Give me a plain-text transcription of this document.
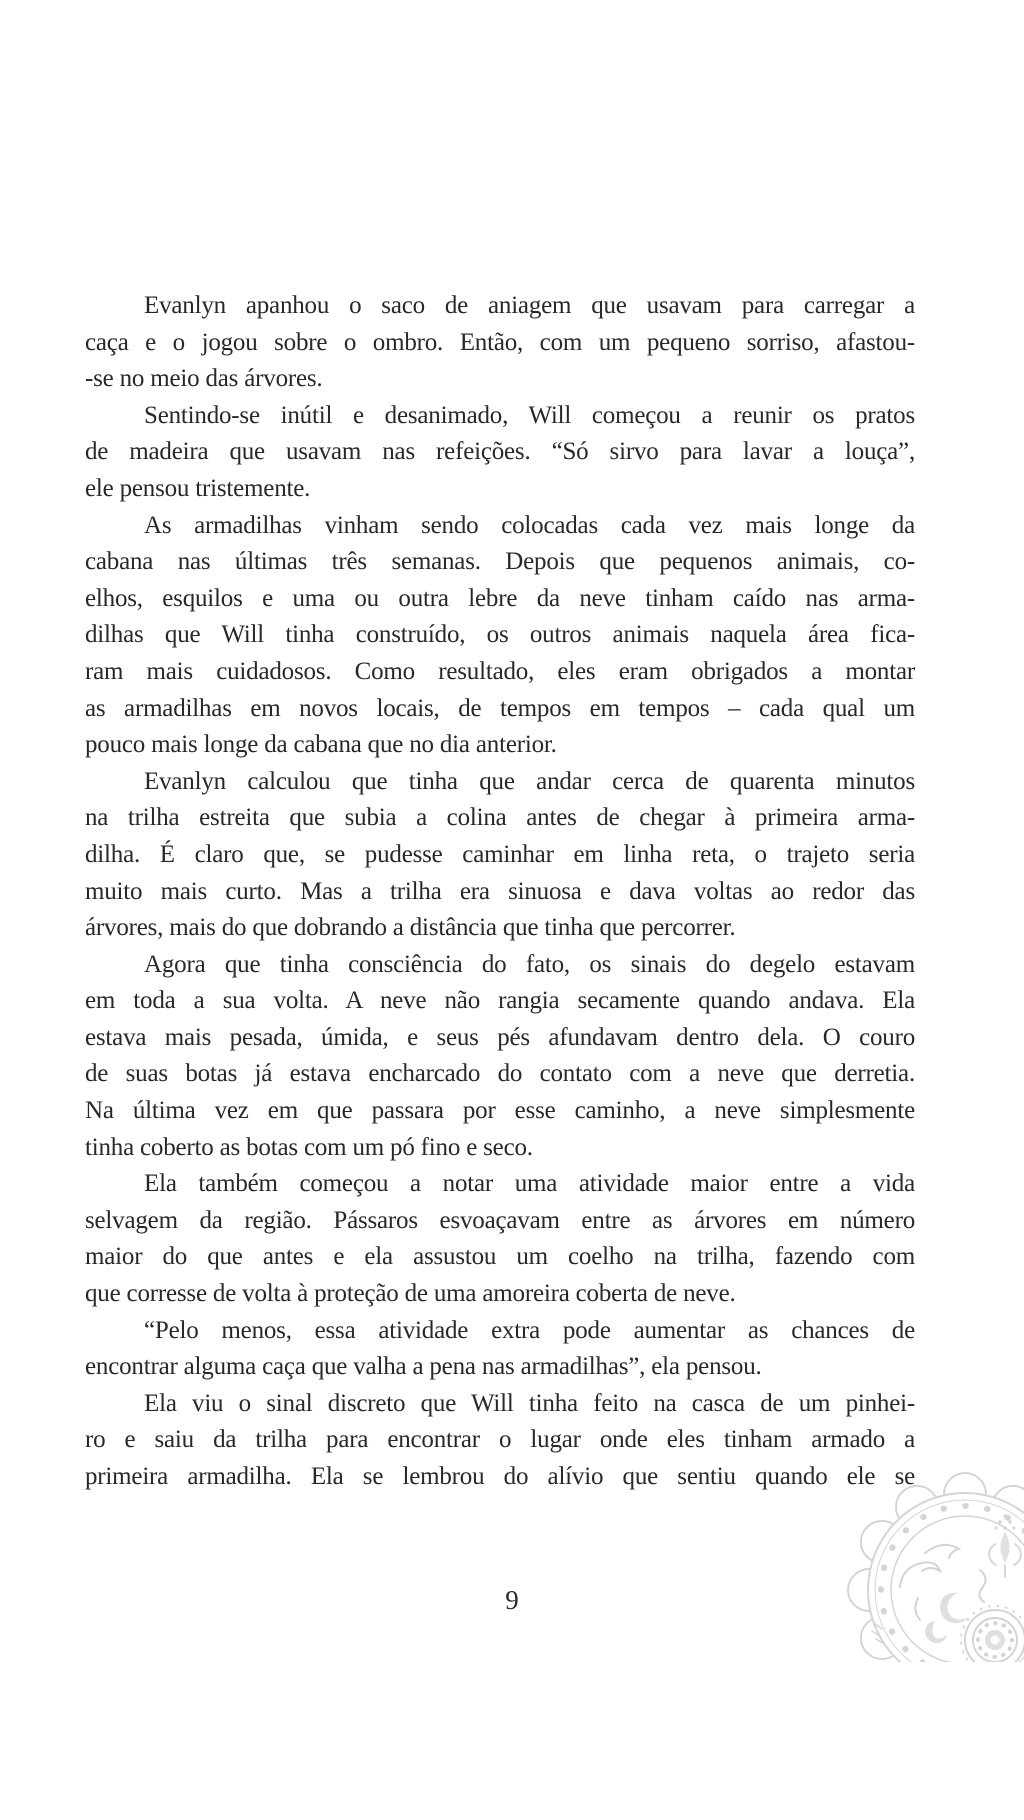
Evanlyn apanhou o saco de aniagem que usavam para carregar a
caça e o jogou sobre o ombro. Então, com um pequeno sorriso, afastou-
-se no meio das árvores.

Sentindo-se inútil e desanimado, Will começou a reunir os pratos
de madeira que usavam nas refeições. “Só sirvo para lavar a louça”,
ele pensou tristemente.

As armadilhas vinham sendo colocadas cada vez mais longe da
cabana nas últimas três semanas. Depois que pequenos animais, co-
elhos, esquilos e uma ou outra lebre da neve tinham caído nas arma-
dilhas que Will tinha construído, os outros animais naquela área fica-
ram mais cuidadosos. Como resultado, eles eram obrigados a montar
as armadilhas em novos locais, de tempos em tempos – cada qual um
pouco mais longe da cabana que no dia anterior.

Evanlyn calculou que tinha que andar cerca de quarenta minutos
na trilha estreita que subia a colina antes de chegar à primeira arma-
dilha. É claro que, se pudesse caminhar em linha reta, o trajeto seria
muito mais curto. Mas a trilha era sinuosa e dava voltas ao redor das
árvores, mais do que dobrando a distância que tinha que percorrer.

Agora que tinha consciência do fato, os sinais do degelo estavam
em toda a sua volta. A neve não rangia secamente quando andava. Ela
estava mais pesada, úmida, e seus pés afundavam dentro dela. O couro
de suas botas já estava encharcado do contato com a neve que derretia.
Na última vez em que passara por esse caminho, a neve simplesmente
tinha coberto as botas com um pó fino e seco.

Ela também começou a notar uma atividade maior entre a vida
selvagem da região. Pássaros esvoaçavam entre as árvores em número
maior do que antes e ela assustou um coelho na trilha, fazendo com
que corresse de volta à proteção de uma amoreira coberta de neve.

“Pelo menos, essa atividade extra pode aumentar as chances de
encontrar alguma caça que valha a pena nas armadilhas”, ela pensou.

Ela viu o sinal discreto que Will tinha feito na casca de um pinhei-
ro e saiu da trilha para encontrar o lugar onde eles tinham armado a
primeira armadilha. Ela se lembrou do alívio que sentiu quando ele se

9
